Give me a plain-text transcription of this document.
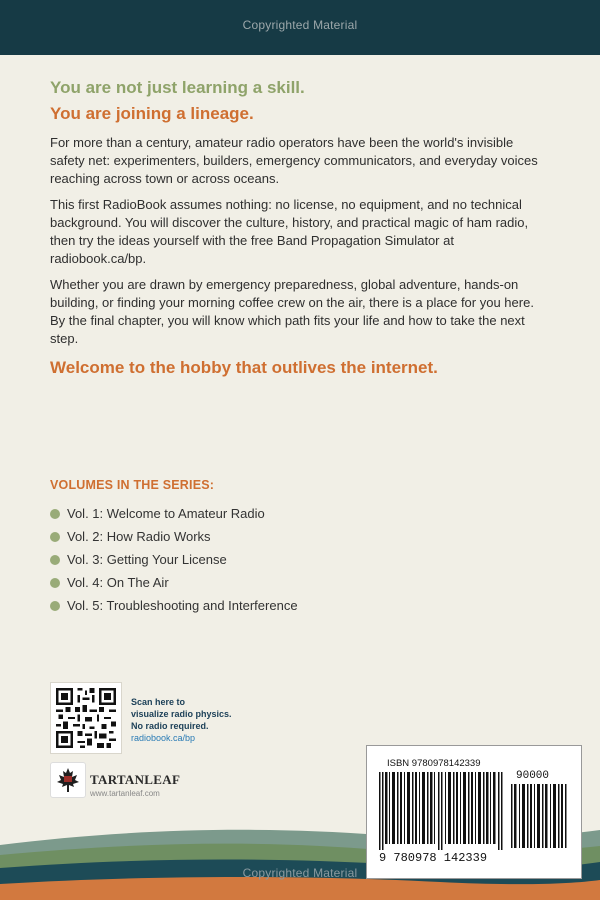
Copyrighted Material
You are not just learning a skill.
You are joining a lineage.

For more than a century, amateur radio operators have been the world's invisible safety net: experimenters, builders, emergency communicators, and everyday voices reaching across town or across oceans.

This first RadioBook assumes nothing: no license, no equipment, and no technical background. You will discover the culture, history, and practical magic of ham radio, then try the ideas yourself with the free Band Propagation Simulator at radiobook.ca/bp.

Whether you are drawn by emergency preparedness, global adventure, hands-on building, or finding your morning coffee crew on the air, there is a place for you here. By the final chapter, you will know which path fits your life and how to take the next step.

Welcome to the hobby that outlives the internet.
VOLUMES IN THE SERIES:
Vol. 1: Welcome to Amateur Radio
Vol. 2: How Radio Works
Vol. 3: Getting Your License
Vol. 4: On The Air
Vol. 5: Troubleshooting and Interference
Scan here to
visualize radio physics.
No radio required.
radiobook.ca/bp
TARTANLEAF
www.tartanleaf.com
Copyrighted Material
ISBN 9780978142339
90000
9 780978 142339
